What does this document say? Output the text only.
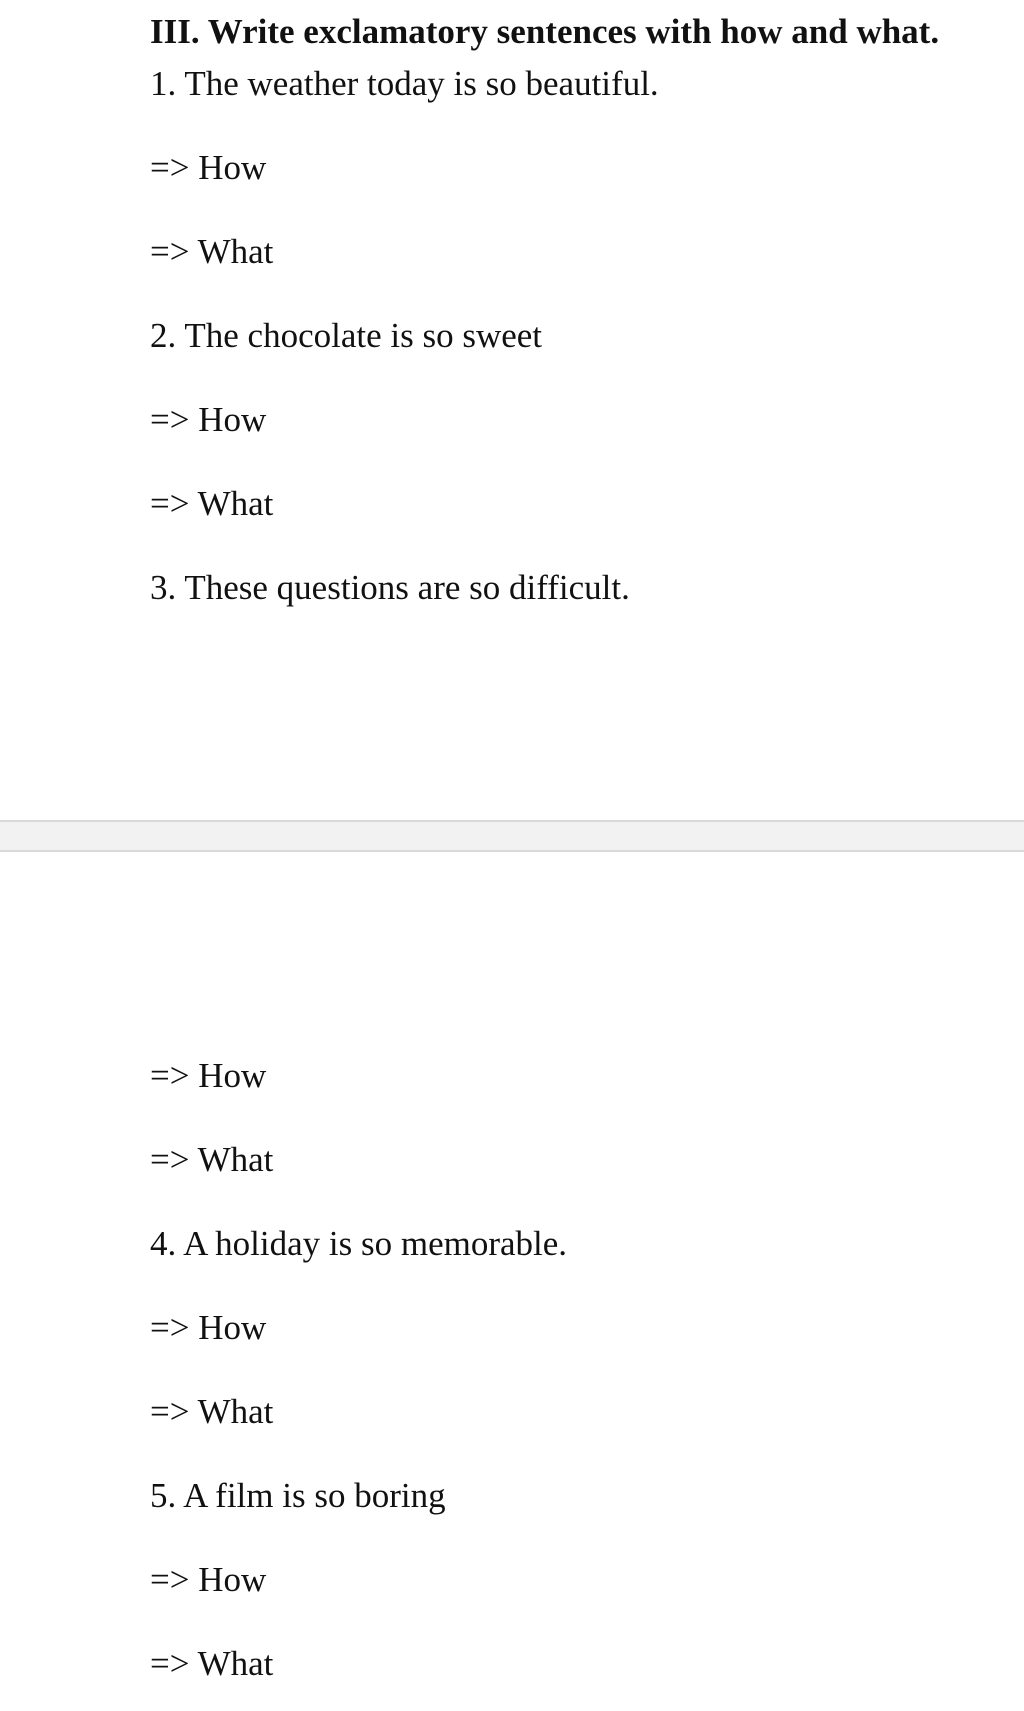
III. Write exclamatory sentences with how and what.
1. The weather today is so beautiful.
=> How
=> What
2. The chocolate is so sweet
=> How
=> What
3. These questions are so difficult.
=> How
=> What
4. A holiday is so memorable.
=> How
=> What
5. A film is so boring
=> How
=> What
